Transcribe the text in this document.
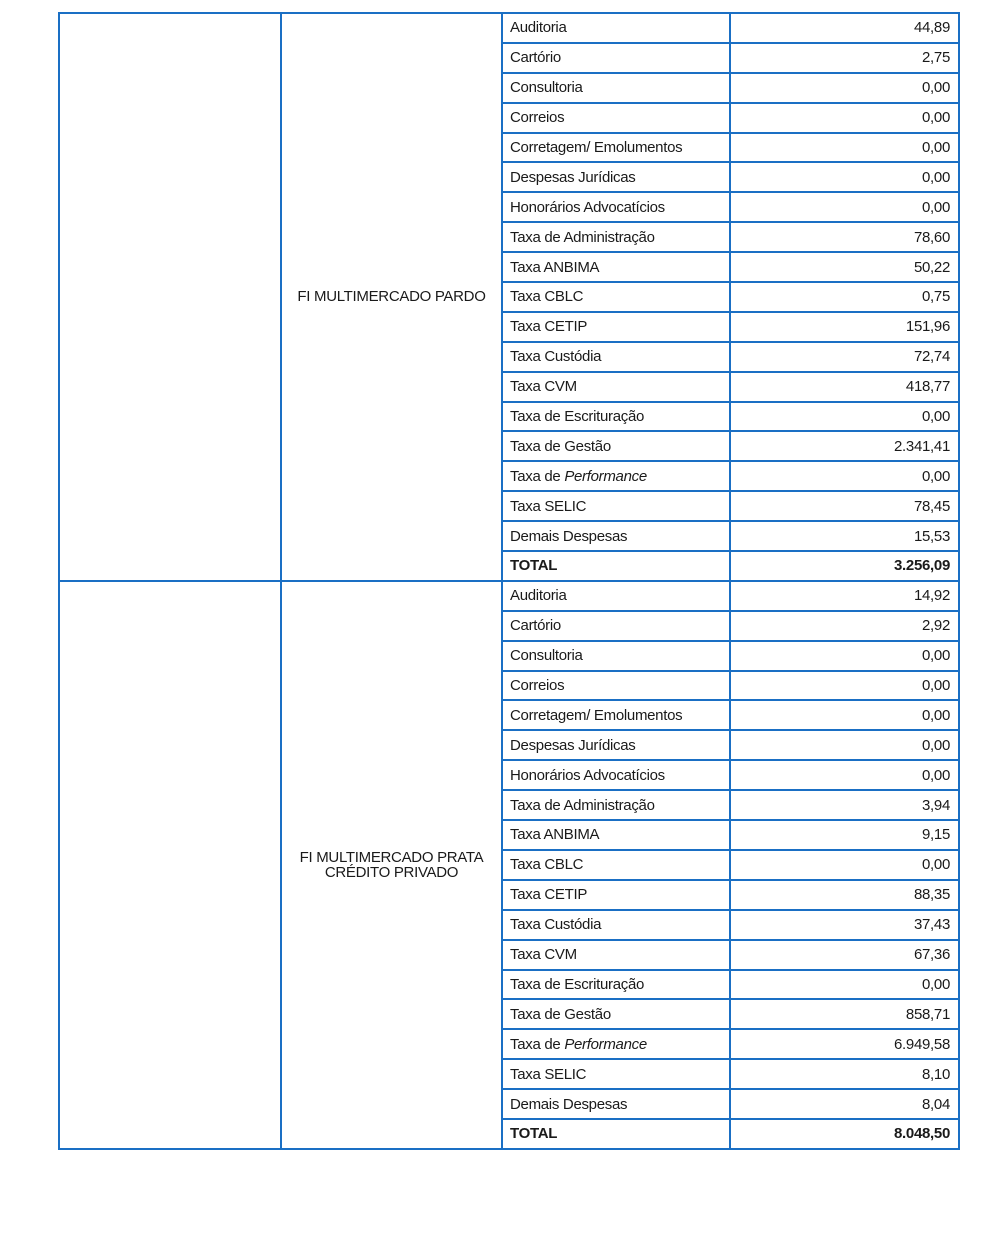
	FI MULTIMERCADO PARDO	Auditoria	44,89
		Cartório	2,75
		Consultoria	0,00
		Correios	0,00
		Corretagem/ Emolumentos	0,00
		Despesas Jurídicas	0,00
		Honorários Advocatícios	0,00
		Taxa de Administração	78,60
		Taxa ANBIMA	50,22
		Taxa CBLC	0,75
		Taxa CETIP	151,96
		Taxa Custódia	72,74
		Taxa CVM	418,77
		Taxa de Escrituração	0,00
		Taxa de Gestão	2.341,41
		Taxa de Performance	0,00
		Taxa SELIC	78,45
		Demais Despesas	15,53
		TOTAL	3.256,09

	FI MULTIMERCADO PRATA
CRÉDITO PRIVADO	Auditoria	14,92
		Cartório	2,92
		Consultoria	0,00
		Correios	0,00
		Corretagem/ Emolumentos	0,00
		Despesas Jurídicas	0,00
		Honorários Advocatícios	0,00
		Taxa de Administração	3,94
		Taxa ANBIMA	9,15
		Taxa CBLC	0,00
		Taxa CETIP	88,35
		Taxa Custódia	37,43
		Taxa CVM	67,36
		Taxa de Escrituração	0,00
		Taxa de Gestão	858,71
		Taxa de Performance	6.949,58
		Taxa SELIC	8,10
		Demais Despesas	8,04
		TOTAL	8.048,50
